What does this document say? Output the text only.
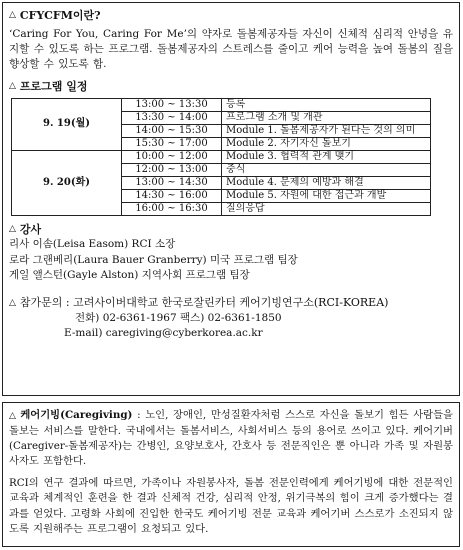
△ CFYCFM이란?
‘Caring For You, Caring For Me’의 약자로 돌봄제공자들 자신이 신체적 심리적 안녕을 유지할 수 있도록 하는 프로그램. 돌봄제공자의 스트레스를 줄이고 케어 능력을 높여 돌봄의 질을 향상할 수 있도록 함.
△ 프로그램 일정
9. 19(월)	13:00 ~ 13:30	등록
	13:30 ~ 14:00	프로그램 소개 및 개관
	14:00 ~ 15:30	Module 1. 돌봄제공자가 된다는 것의 의미
	15:30 ~ 17:00	Module 2. 자기자신 돌보기
9. 20(화)	10:00 ~ 12:00	Module 3. 협력적 관계 맺기
	12:00 ~ 13:00	중식
	13:00 ~ 14:30	Module 4. 문제의 예방과 해결
	14:30 ~ 16:00	Module 5. 자원에 대한 접근과 개발
	16:00 ~ 16:30	질의응답
△ 강사
리사 이솜(Leisa Easom) RCI 소장
로라 그랜베리(Laura Bauer Granberry) 미국 프로그램 팀장
게일 앨스턴(Gayle Alston) 지역사회 프로그램 팀장
△ 참가문의 : 고려사이버대학교 한국로잘린카터 케어기빙연구소(RCI-KOREA)
전화) 02-6361-1967 팩스) 02-6361-1850
E-mail) caregiving@cyberkorea.ac.kr
△ 케어기빙(Caregiving) : 노인, 장애인, 만성질환자처럼 스스로 자신을 돌보기 힘든 사람들을 돌보는 서비스를 말한다. 국내에서는 돌봄서비스, 사회서비스 등의 용어로 쓰이고 있다. 케어기버(Caregiver-돌봄제공자)는 간병인, 요양보호사, 간호사 등 전문직인은 뿐 아니라 가족 및 자원봉사자도 포함한다.
RCI의 연구 결과에 따르면, 가족이나 자원봉사자, 돌봄 전문인력에게 케어기빙에 대한 전문적인 교육과 체계적인 훈련을 한 결과 신체적 건강, 심리적 안정, 위기극복의 힘이 크게 증가했다는 결과를 얻었다. 고령화 사회에 진입한 한국도 케어기빙 전문 교육과 케어기버 스스로가 소진되지 않도록 지원해주는 프로그램이 요청되고 있다.
